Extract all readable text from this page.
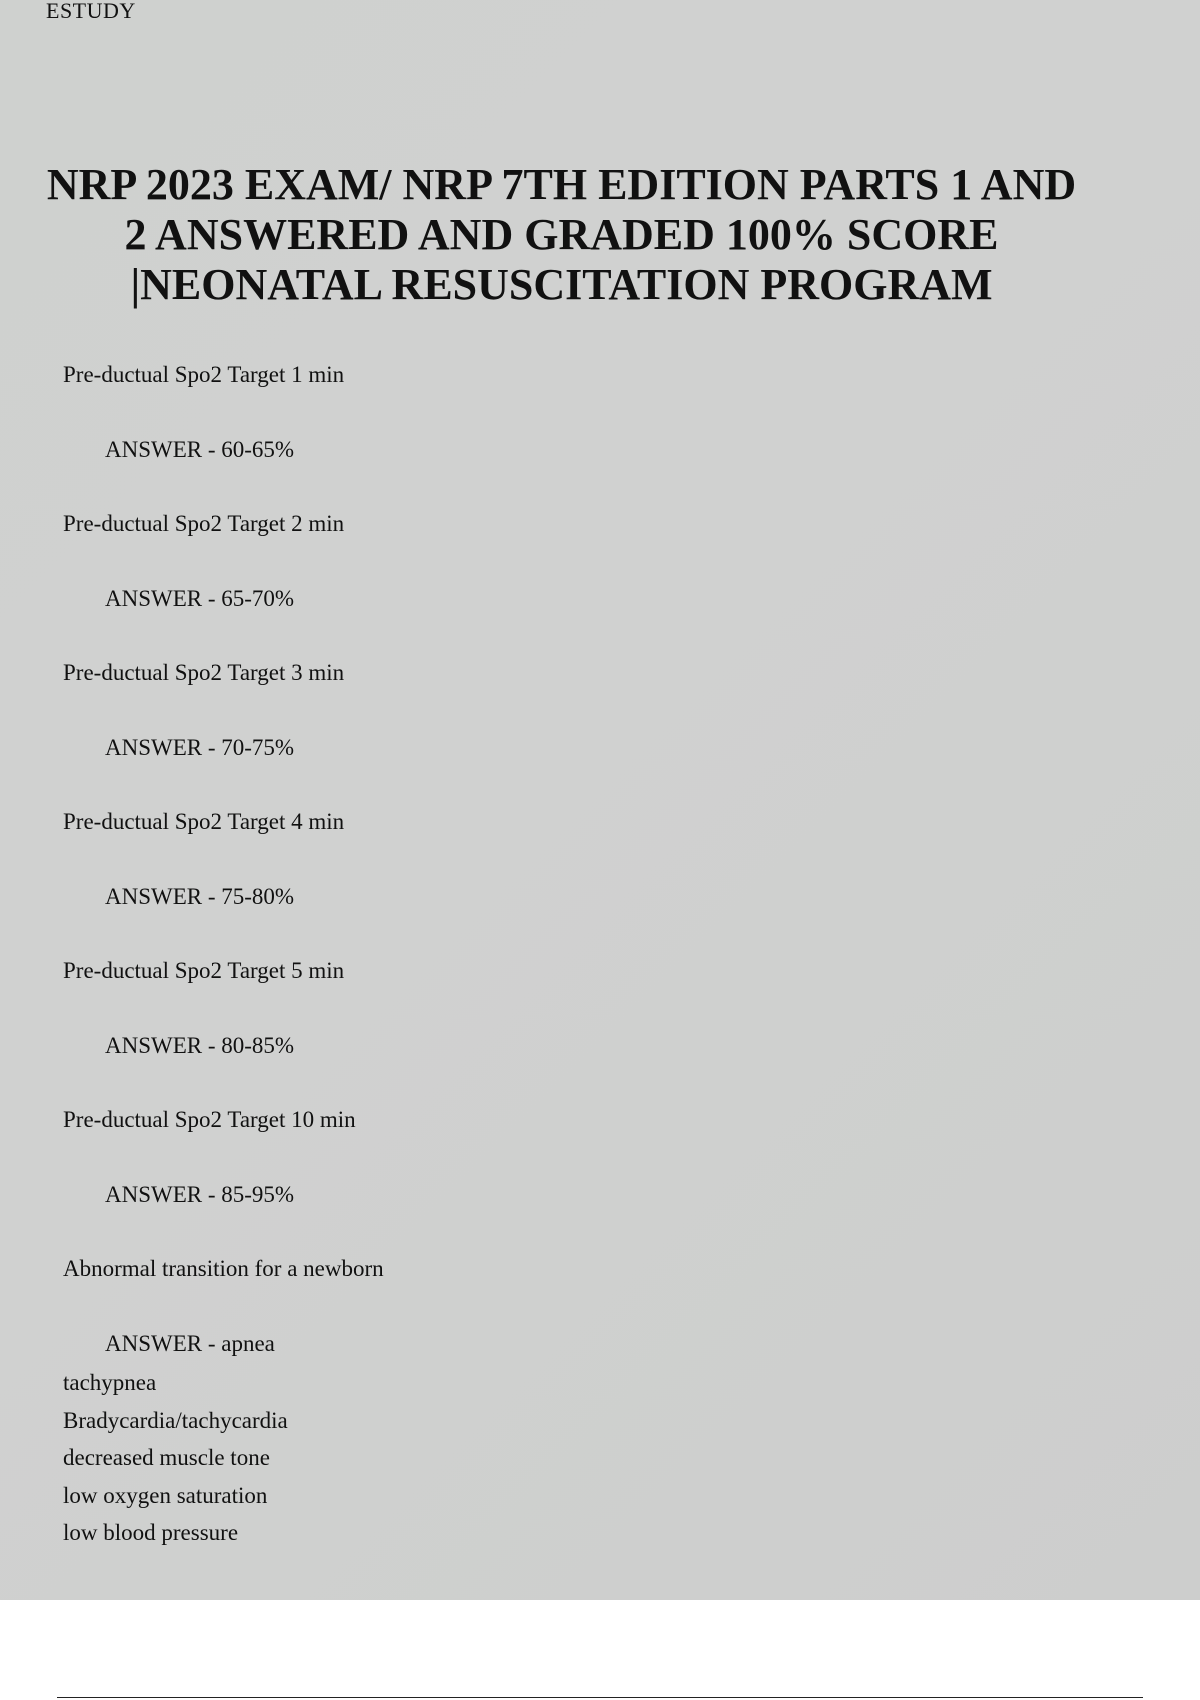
ESTUDY
NRP 2023 EXAM/ NRP 7TH EDITION PARTS 1 AND 2 ANSWERED AND GRADED 100% SCORE |NEONATAL RESUSCITATION PROGRAM
Pre-ductual Spo2 Target 1 min
ANSWER - 60-65%
Pre-ductual Spo2 Target 2 min
ANSWER - 65-70%
Pre-ductual Spo2 Target 3 min
ANSWER - 70-75%
Pre-ductual Spo2 Target 4 min
ANSWER - 75-80%
Pre-ductual Spo2 Target 5 min
ANSWER - 80-85%
Pre-ductual Spo2 Target 10 min
ANSWER - 85-95%
Abnormal transition for a newborn
ANSWER - apnea
tachypnea
Bradycardia/tachycardia
decreased muscle tone
low oxygen saturation
low blood pressure
